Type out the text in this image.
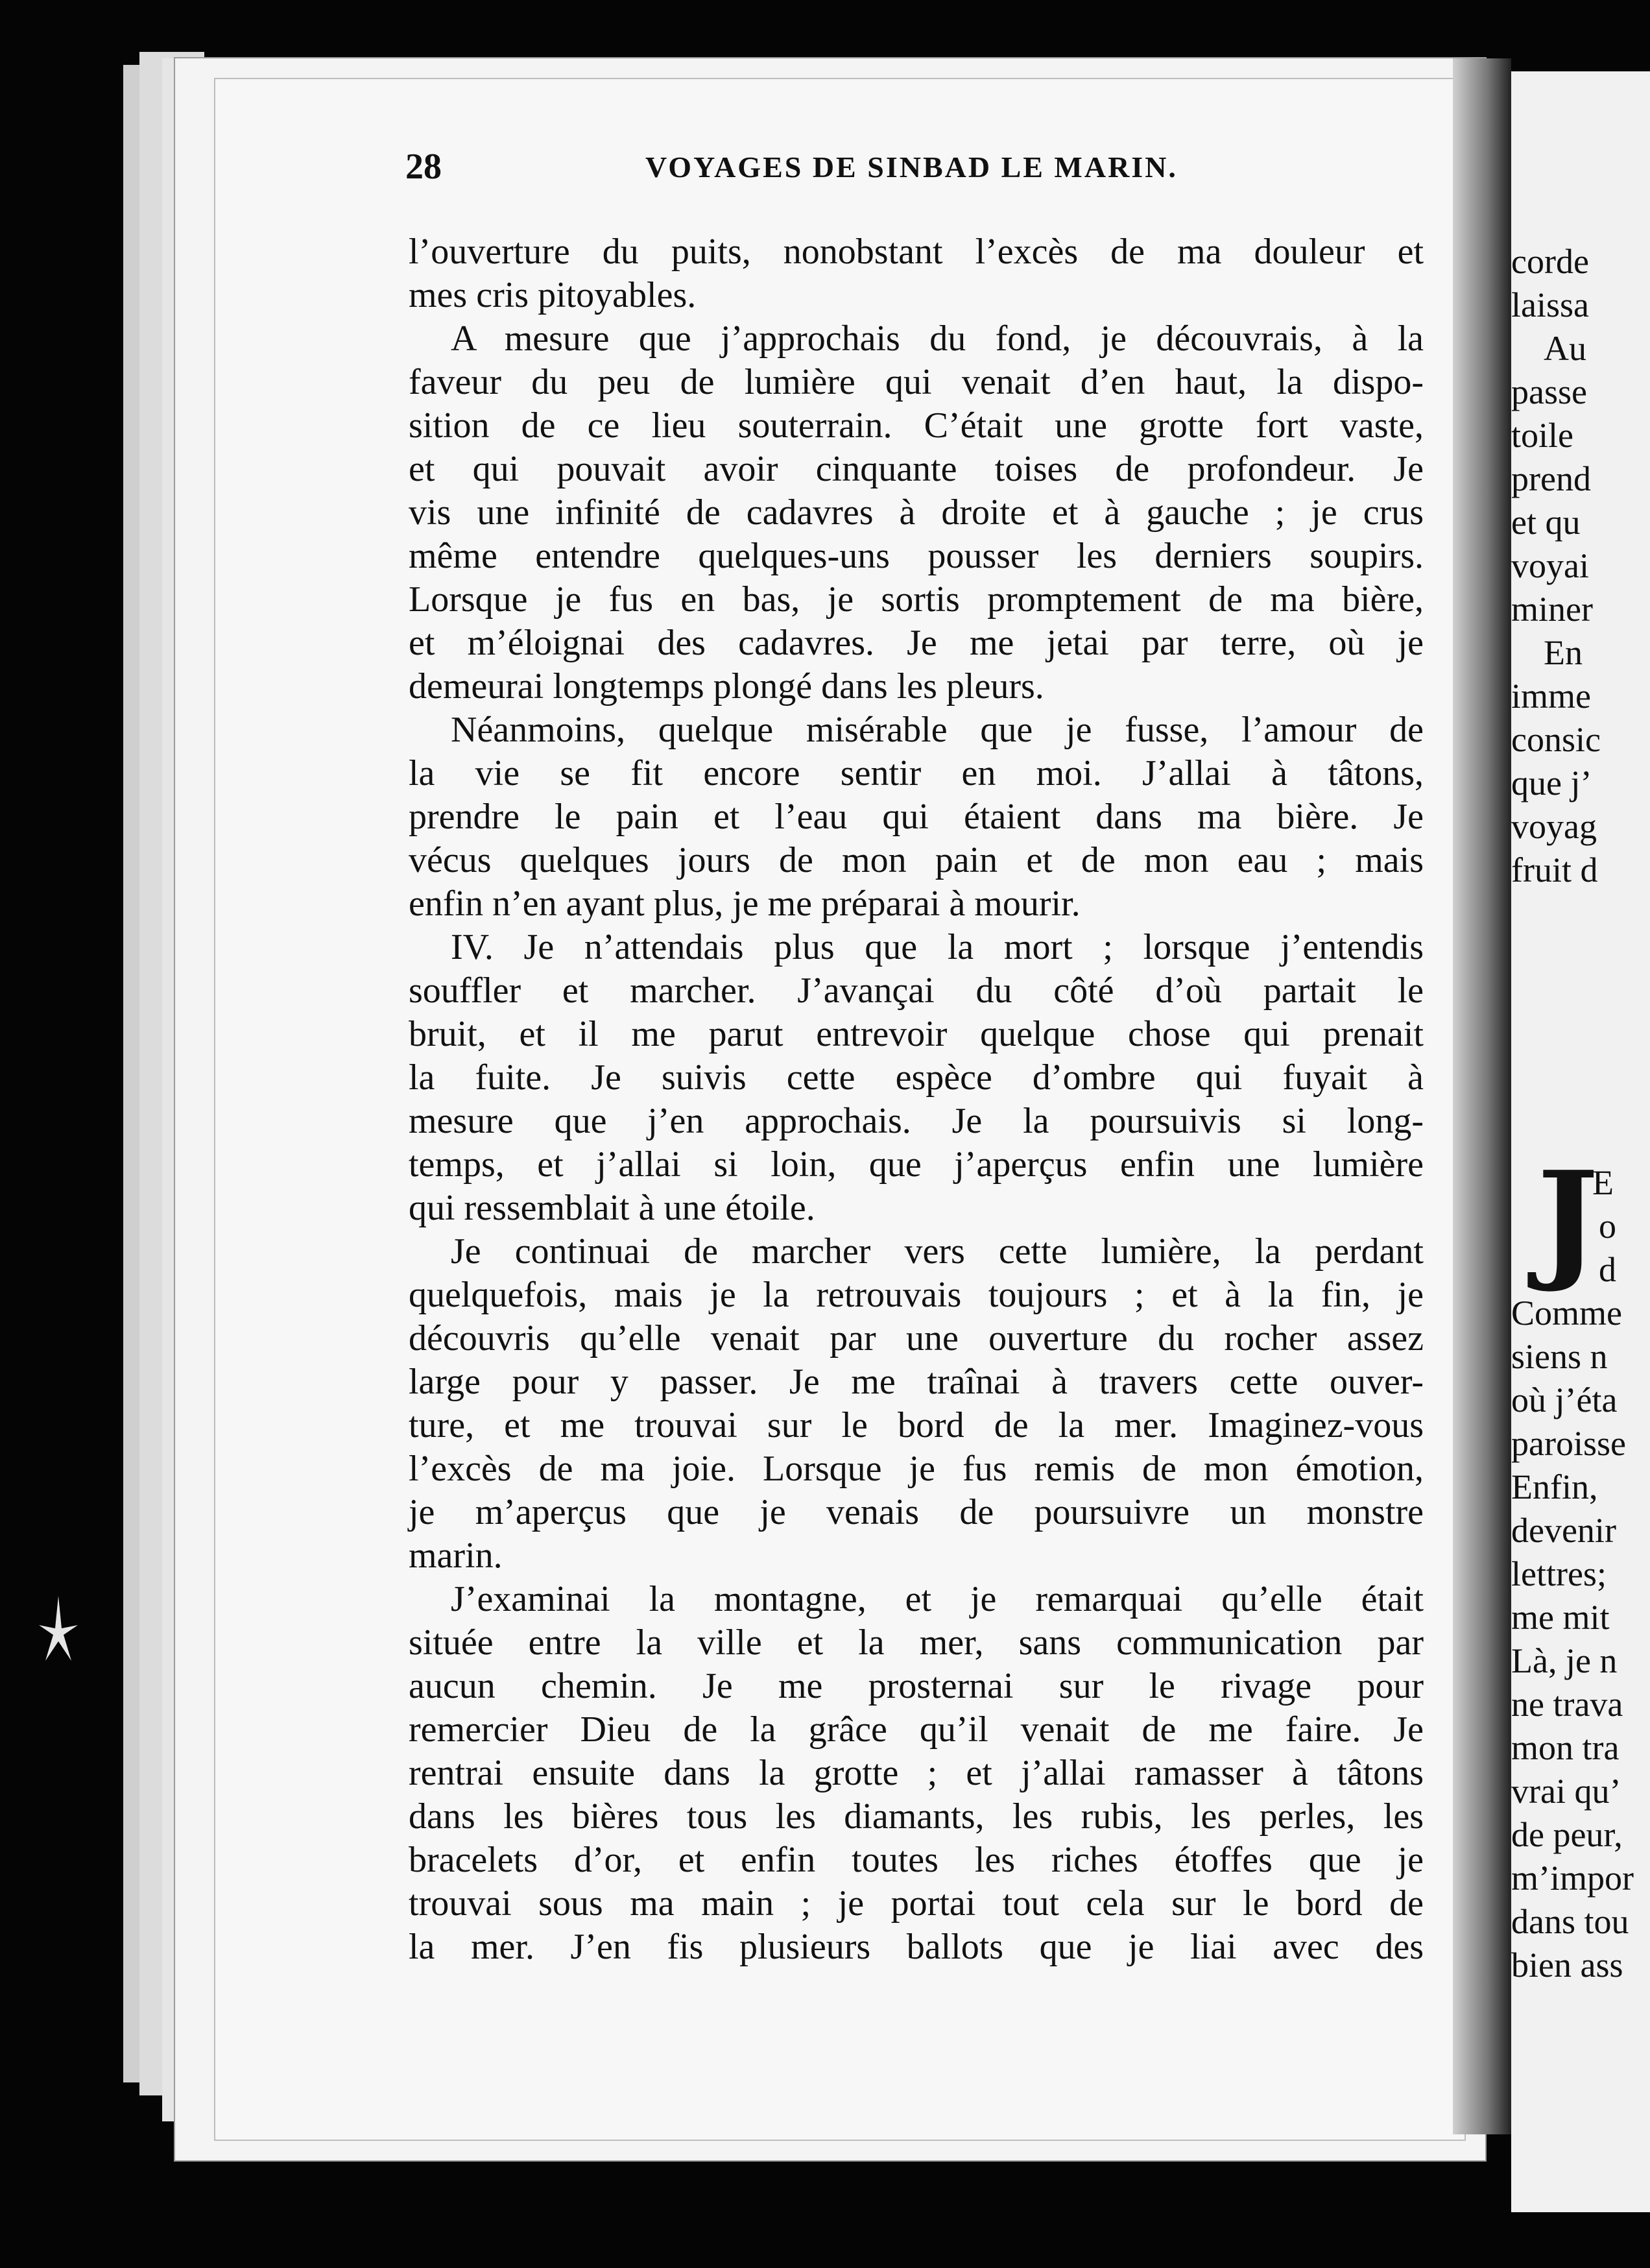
28	VOYAGES DE SINBAD LE MARIN.
l’ouverture du puits, nonobstant l’excès de ma douleur et
mes cris pitoyables.
A mesure que j’approchais du fond, je découvrais, à la
faveur du peu de lumière qui venait d’en haut, la dispo-
sition de ce lieu souterrain. C’était une grotte fort vaste,
et qui pouvait avoir cinquante toises de profondeur. Je
vis une infinité de cadavres à droite et à gauche ; je crus
même entendre quelques-uns pousser les derniers soupirs.
Lorsque je fus en bas, je sortis promptement de ma bière,
et m’éloignai des cadavres. Je me jetai par terre, où je
demeurai longtemps plongé dans les pleurs.
Néanmoins, quelque misérable que je fusse, l’amour de
la vie se fit encore sentir en moi. J’allai à tâtons,
prendre le pain et l’eau qui étaient dans ma bière. Je
vécus quelques jours de mon pain et de mon eau ; mais
enfin n’en ayant plus, je me préparai à mourir.
IV. Je n’attendais plus que la mort ; lorsque j’entendis
souffler et marcher. J’avançai du côté d’où partait le
bruit, et il me parut entrevoir quelque chose qui prenait
la fuite. Je suivis cette espèce d’ombre qui fuyait à
mesure que j’en approchais. Je la poursuivis si long-
temps, et j’allai si loin, que j’aperçus enfin une lumière
qui ressemblait à une étoile.
Je continuai de marcher vers cette lumière, la perdant
quelquefois, mais je la retrouvais toujours ; et à la fin, je
découvris qu’elle venait par une ouverture du rocher assez
large pour y passer. Je me traînai à travers cette ouver-
ture, et me trouvai sur le bord de la mer. Imaginez-vous
l’excès de ma joie. Lorsque je fus remis de mon émotion,
je m’aperçus que je venais de poursuivre un monstre
marin.
J’examinai la montagne, et je remarquai qu’elle était
située entre la ville et la mer, sans communication par
aucun chemin. Je me prosternai sur le rivage pour
remercier Dieu de la grâce qu’il venait de me faire. Je
rentrai ensuite dans la grotte ; et j’allai ramasser à tâtons
dans les bières tous les diamants, les rubis, les perles, les
bracelets d’or, et enfin toutes les riches étoffes que je
trouvai sous ma main ; je portai tout cela sur le bord de
la mer. J’en fis plusieurs ballots que je liai avec des
corde
laissa
Au
passe
toile
prend
et qu
voyai
miner
En
imme
consic
que j’
voyag
fruit d
J
E
o
d
Comme
siens n
où j’éta
paroisse
Enfin,
devenir
lettres;
me mit
Là, je n
ne trava
mon tra
vrai qu’
de peur,
m’impor
dans tou
bien ass
